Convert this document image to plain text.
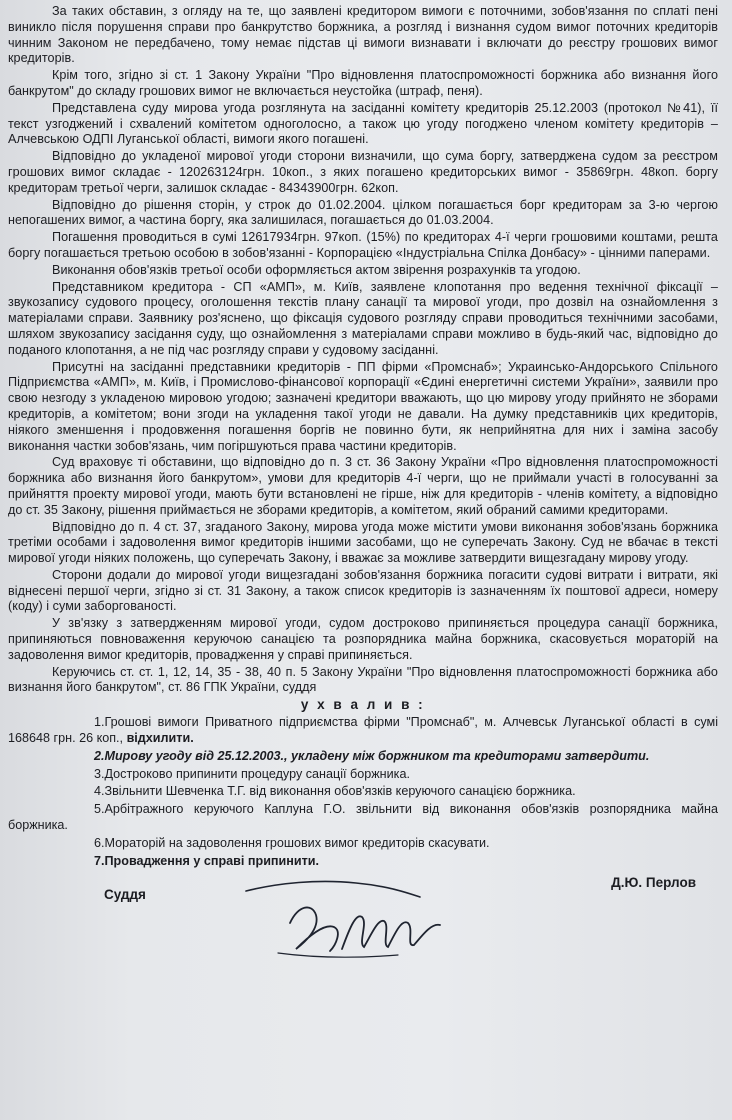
За таких обставин, з огляду на те, що заявлені кредитором вимоги є поточними, зобов'язання по сплаті пені виникло після порушення справи про банкрутство боржника, а розгляд і визнання судом вимог поточних кредиторів чинним Законом не передбачено, тому немає підстав ці вимоги визнавати і включати до реєстру грошових вимог кредиторів.

Крім того, згідно зі ст. 1 Закону України "Про відновлення платоспроможності боржника або визнання його банкрутом" до складу грошових вимог не включається неустойка (штраф, пеня).

Представлена суду мирова угода розглянута на засіданні комітету кредиторів 25.12.2003 (протокол №41), її текст узгоджений і схвалений комітетом одноголосно, а також цю угоду погоджено членом комітету кредиторів – Алчевською ОДПІ Луганської області, вимоги якого погашені.

Відповідно до укладеної мирової угоди сторони визначили, що сума боргу, затверджена судом за реєстром грошових вимог складає - 120263124грн. 10коп., з яких погашено кредиторських вимог - 35869грн. 48коп. боргу кредиторам третьої черги, залишок складає - 84343900грн. 62коп.

Відповідно до рішення сторін, у строк до 01.02.2004. цілком погашається борг кредиторам за 3-ю чергою непогашених вимог, а частина боргу, яка залишилася, погашається до 01.03.2004.

Погашення проводиться в сумі 12617934грн. 97коп. (15%) по кредиторах 4-ї черги грошовими коштами, решта боргу погашається третьою особою в зобов'язанні - Корпорацією «Індустріальна Спілка Донбасу» - цінними паперами.

Виконання обов'язків третьої особи оформляється актом звірення розрахунків та угодою.

Представником кредитора - СП «АМП», м. Київ, заявлене клопотання про ведення технічної фіксації – звукозапису судового процесу, оголошення текстів плану санації та мирової угоди, про дозвіл на ознайомлення з матеріалами справи. Заявнику роз'яснено, що фіксація судового розгляду справи проводиться технічними засобами, шляхом звукозапису засідання суду, що ознайомлення з матеріалами справи можливо в будь-який час, відповідно до поданого клопотання, а не під час розгляду справи у судовому засіданні.

Присутні на засіданні представники кредиторів - ПП фірми «Промснаб»; Украинсько-Андорського Спільного Підприємства «АМП», м. Київ, і Промислово-фінансової корпорації «Єдині енергетичні системи України», заявили про свою незгоду з укладеною мировою угодою; зазначені кредитори вважають, що цю мирову угоду прийнято не зборами кредиторів, а комітетом; вони згоди на укладення такої угоди не давали. На думку представників цих кредиторів, ніякого зменшення і продовження погашення боргів не повинно бути, як неприйнятна для них і заміна засобу виконання частки зобов'язань, чим погіршуються права частини кредиторів.

Суд враховує ті обставини, що відповідно до п. 3 ст. 36 Закону України «Про відновлення платоспроможності боржника або визнання його банкрутом», умови для кредиторів 4-ї черги, що не приймали участі в голосуванні за прийняття проекту мирової угоди, мають бути встановлені не гірше, ніж для кредиторів - членів комітету, а відповідно до ст. 35 Закону, рішення приймається не зборами кредиторів, а комітетом, який обраний самими кредиторами.

Відповідно до п. 4 ст. 37, згаданого Закону, мирова угода може містити умови виконання зобов'язань боржника третіми особами і задоволення вимог кредиторів іншими засобами, що не суперечать Закону. Суд не вбачає в тексті мирової угоди ніяких положень, що суперечать Закону, і вважає за можливе затвердити вищезгадану мирову угоду.

Сторони додали до мирової угоди вищезгадані зобов'язання боржника погасити судові витрати і витрати, які віднесені першої черги, згідно зі ст. 31 Закону, а також список кредиторів із зазначенням їх поштової адреси, номеру (коду) і суми заборгованості.

У зв'язку з затвердженням мирової угоди, судом достроково припиняється процедура санації боржника, припиняються повноваження керуючою санацією та розпорядника майна боржника, скасовується мораторій на задоволення вимог кредиторів, провадження у справі припиняється.

Керуючись ст. ст. 1, 12, 14, 35 - 38, 40 п. 5 Закону України "Про відновлення платоспроможності боржника або визнання його банкрутом", ст. 86 ГПК України, суддя

у х в а л и в :

1.Грошові вимоги Приватного підприємства фірми "Промснаб", м. Алчевськ Луганської області в сумі 168648 грн. 26 коп., відхилити.

2.Мирову угоду від 25.12.2003., укладену між боржником та кредиторами затвердити.

3.Достроково припинити процедуру санації боржника.

4.Звільнити Шевченка Т.Г. від виконання обов'язків керуючого санацією боржника.

5.Арбітражного керуючого Каплуна Г.О. звільнити від виконання обов'язків розпорядника майна боржника.

6.Мораторій на задоволення грошових вимог кредиторів скасувати.

7.Провадження у справі припинити.

Суддя
Д.Ю. Перлов
